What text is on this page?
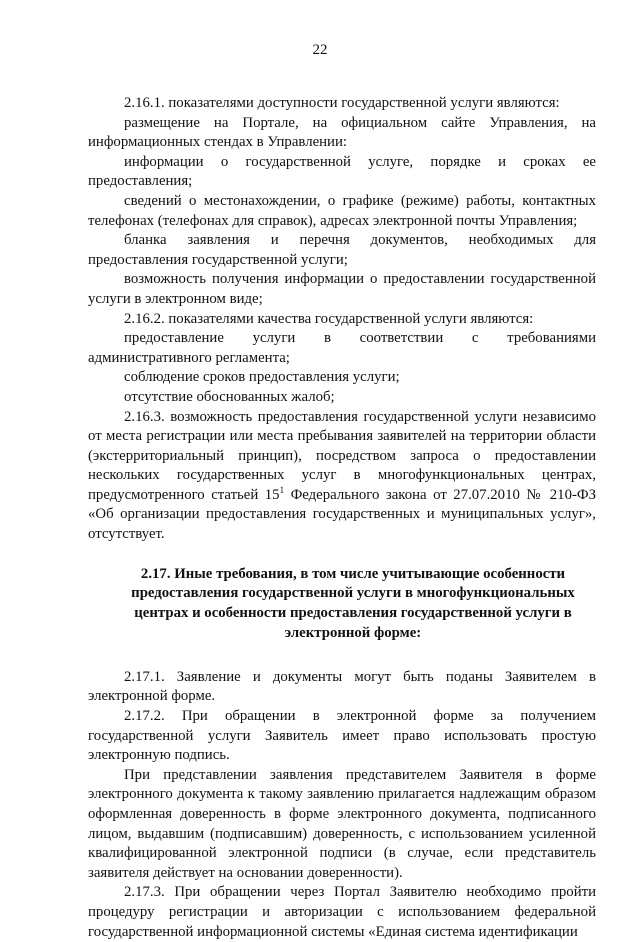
22

2.16.1. показателями доступности государственной услуги являются:

размещение на Портале, на официальном сайте Управления, на информационных стендах в Управлении:

информации о государственной услуге, порядке и сроках ее предоставления;

сведений о местонахождении, о графике (режиме) работы, контактных телефонах (телефонах для справок), адресах электронной почты Управления;

бланка заявления и перечня документов, необходимых для предоставления государственной услуги;

возможность получения информации о предоставлении государственной услуги в электронном виде;

2.16.2. показателями качества государственной услуги являются:

предоставление услуги в соответствии с требованиями административного регламента;

соблюдение сроков предоставления услуги;

отсутствие обоснованных жалоб;

2.16.3. возможность предоставления государственной услуги независимо от места регистрации или места пребывания заявителей на территории области (экстерриториальный принцип), посредством запроса о предоставлении нескольких государственных услуг в многофункциональных центрах, предусмотренного статьей $15^1$ Федерального закона от 27.07.2010 № 210-ФЗ «Об организации предоставления государственных и муниципальных услуг», отсутствует.

2.17. Иные требования, в том числе учитывающие особенности предоставления государственной услуги в многофункциональных центрах и особенности предоставления государственной услуги в электронной форме:

2.17.1. Заявление и документы могут быть поданы Заявителем в электронной форме.

2.17.2. При обращении в электронной форме за получением государственной услуги Заявитель имеет право использовать простую электронную подпись.

При представлении заявления представителем Заявителя в форме электронного документа к такому заявлению прилагается надлежащим образом оформленная доверенность в форме электронного документа, подписанного лицом, выдавшим (подписавшим) доверенность, с использованием усиленной квалифицированной электронной подписи (в случае, если представитель заявителя действует на основании доверенности).

2.17.3. При обращении через Портал Заявителю необходимо пройти процедуру регистрации и авторизации с использованием федеральной государственной информационной системы «Единая система идентификации
